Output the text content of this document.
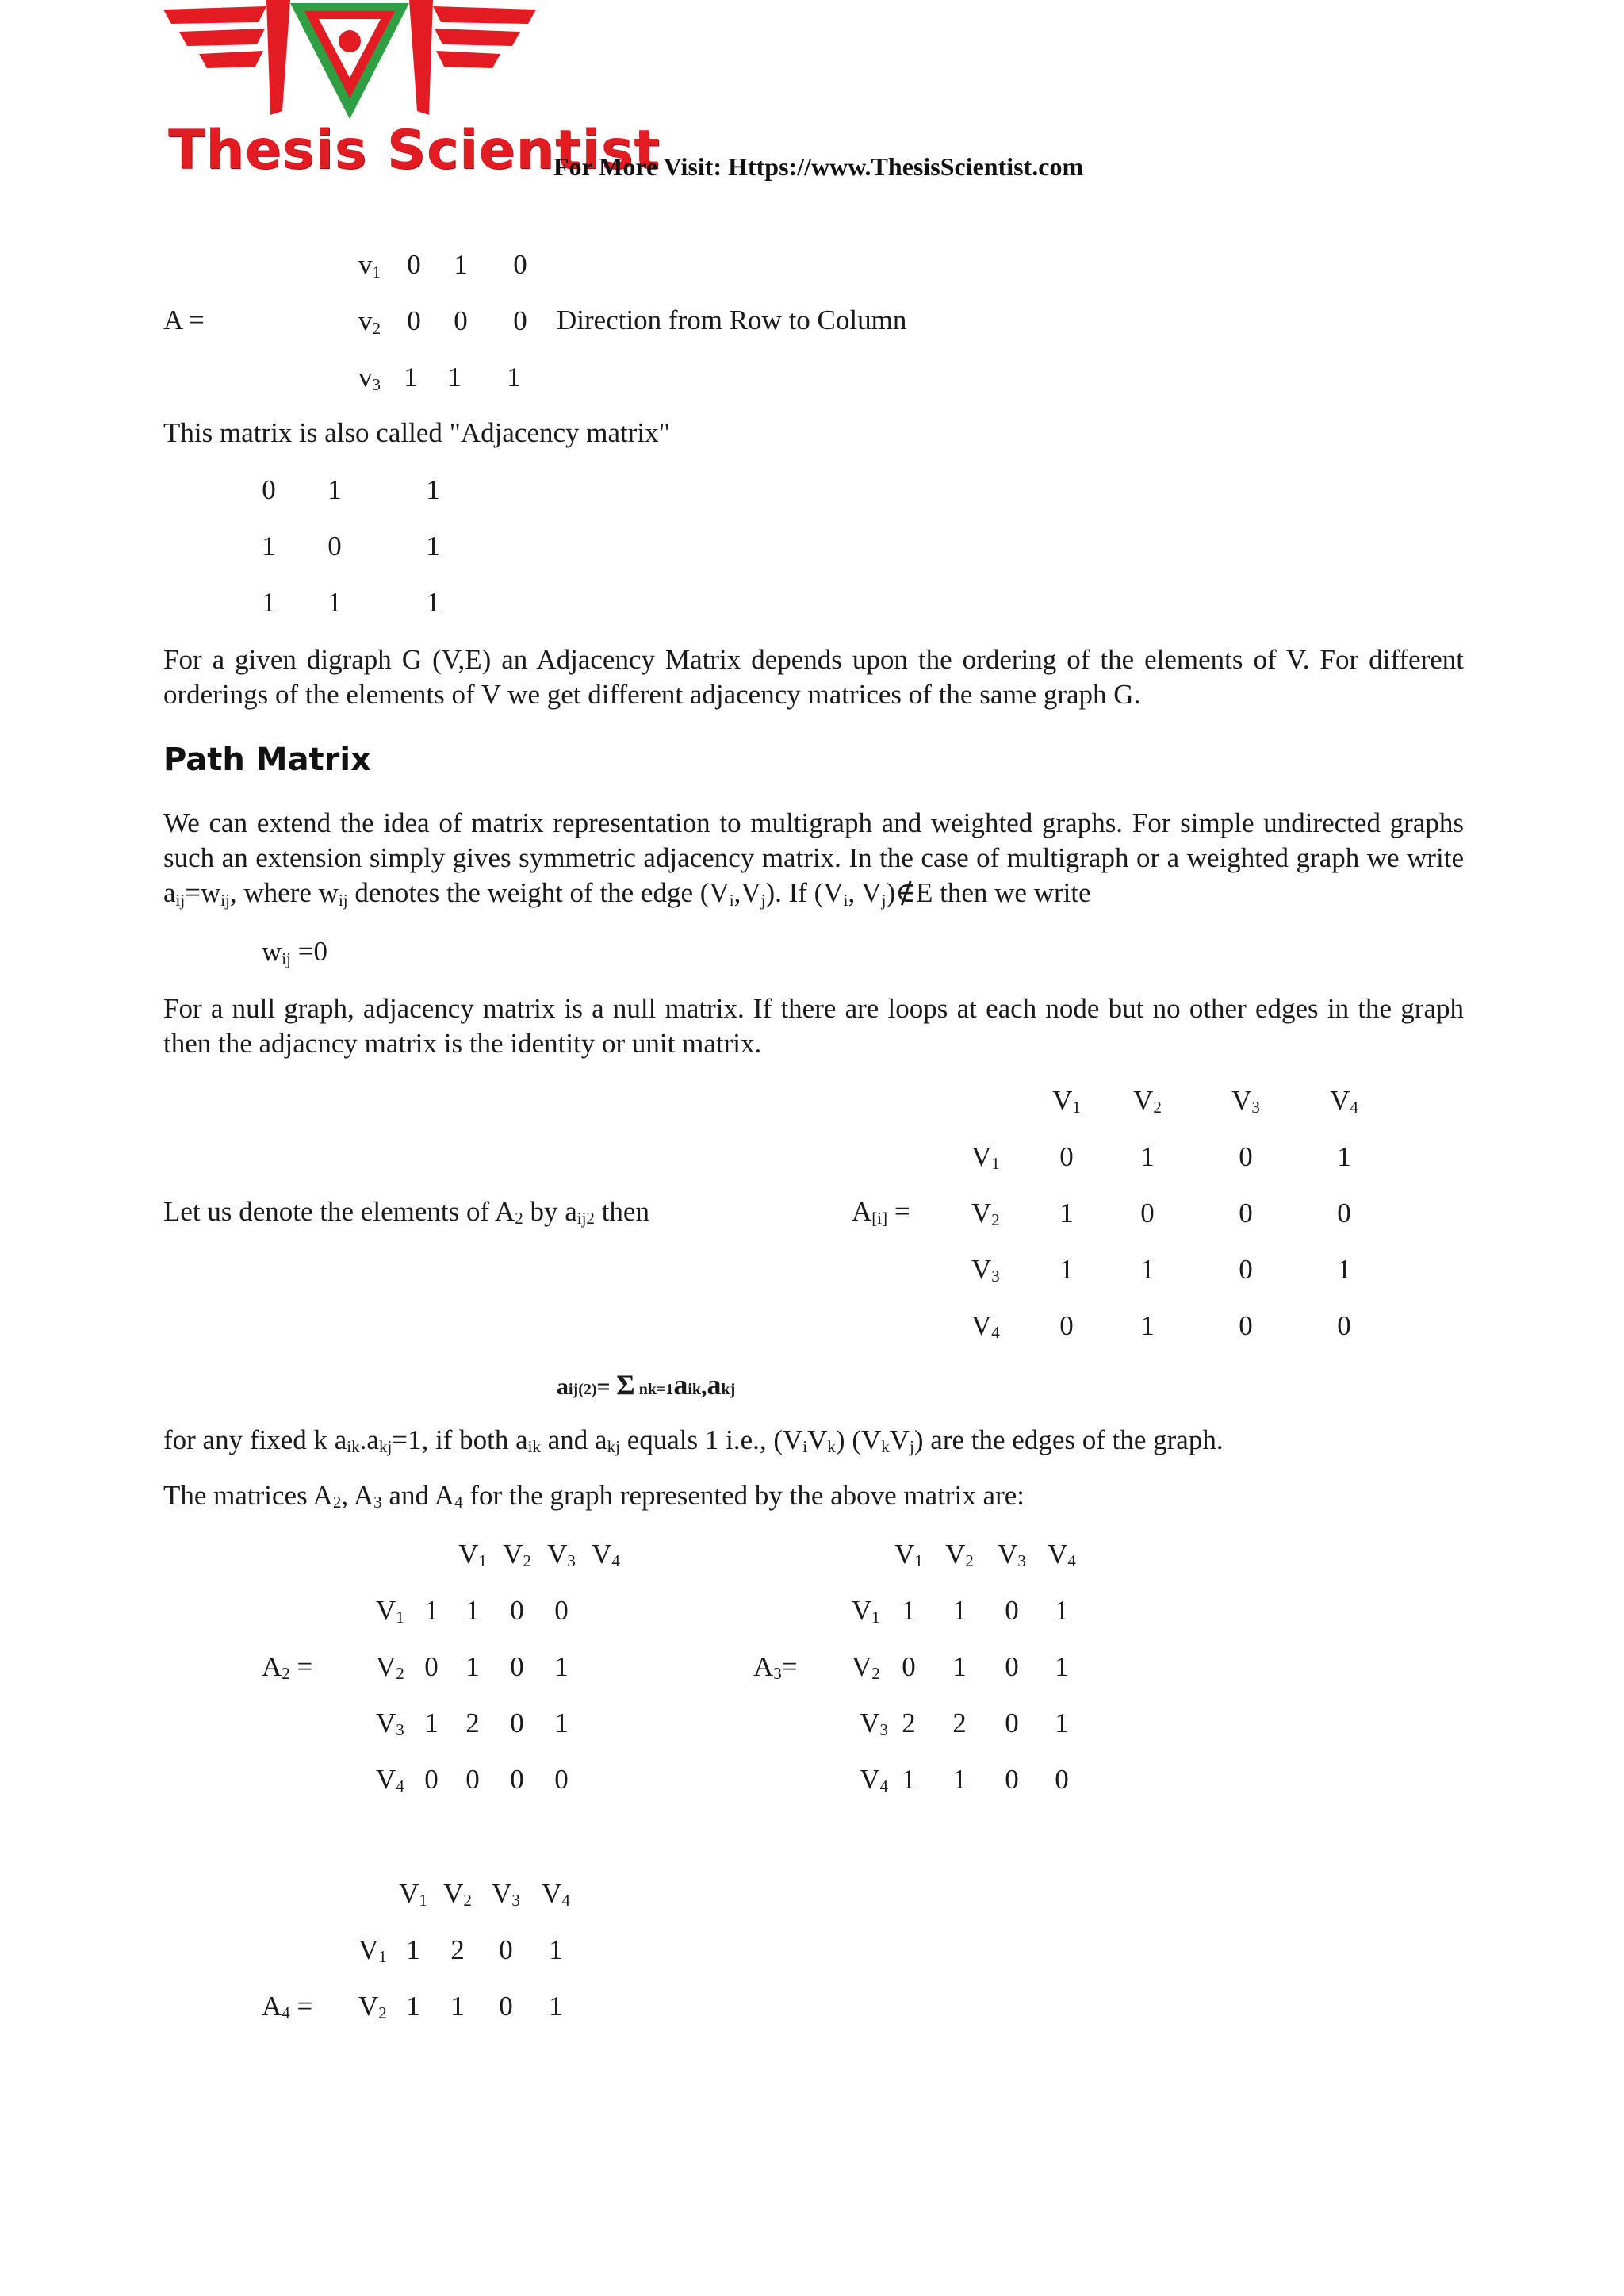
Thesis Scientist
For More Visit: Https://www.ThesisScientist.com
A =
$v_1$ 0 1 0
$v_2$ 0 0 0
$v_3$ 1 1 1
Direction from Row to Column
This matrix is also called "Adjacency matrix"
0 1	1
1 0	1
1 1	1
For a given digraph G (V,E) an Adjacency Matrix depends upon the ordering of the elements of V. For different orderings of the elements of V we get different adjacency matrices of the same graph G.
Path Matrix
We can extend the idea of matrix representation to multigraph and weighted graphs. For simple undirected graphs such an extension simply gives symmetric adjacency matrix. In the case of multigraph or a weighted graph we write $a_{ij}=w_{ij}$, where $w_{ij}$ denotes the weight of the edge $(V_i,V_j)$. If ($V_i$, $V_j)\notin E$ then we write
$w_{ij} =0$
For a null graph, adjacency matrix is a null matrix. If there are loops at each node but no other edges in the graph then the adjacncy matrix is the identity or unit matrix.
Let us denote the elements of A2 by aij2 then	A[i] =
V1 V2	V3	V4
V1 0 1	0	1
V2 1 0	0	0
V3 1 1	0	1
V4 0 1	0	0
aij(2)= Σ nk=1aik,akj
for any fixed k aik.akj=1, if both aik and akj equals 1 i.e., (ViVk) (VkVj) are the edges of the graph.
The matrices A2, A3 and A4 for the graph represented by the above matrix are:
A2 =
V1 V2 V3 V4
V1 1 1 0 0
V2 0 1 0 1
V3 1 2 0 1
V4 0 0 0 0
A3=
V1 V2 V3 V4
V1 1 1 0 1
V2 0 1 0 1
V3 2 2 0 1
V4 1 1 0 0
A4 =
V1 V2 V3 V4
V1 1 2 0 1
V2 1 1 0 1
